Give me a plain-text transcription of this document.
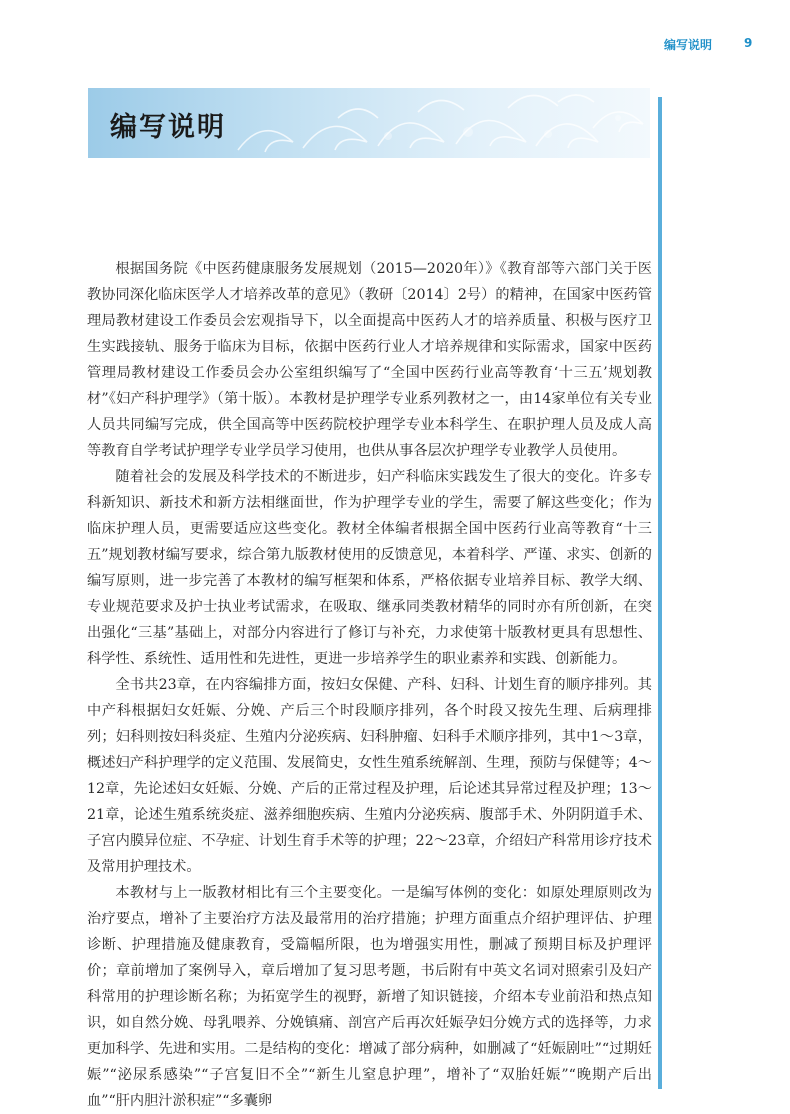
编写说明	9
编写说明

根据国务院《中医药健康服务发展规划（2015—2020年）》《教育部等六部门关于医教协同深化临床医学人才培养改革的意见》（教研〔2014〕2号）的精神，在国家中医药管理局教材建设工作委员会宏观指导下，以全面提高中医药人才的培养质量、积极与医疗卫生实践接轨、服务于临床为目标，依据中医药行业人才培养规律和实际需求，国家中医药管理局教材建设工作委员会办公室组织编写了“全国中医药行业高等教育‘十三五’规划教材”《妇产科护理学》（第十版）。本教材是护理学专业系列教材之一，由14家单位有关专业人员共同编写完成，供全国高等中医药院校护理学专业本科学生、在职护理人员及成人高等教育自学考试护理学专业学员学习使用，也供从事各层次护理学专业教学人员使用。

随着社会的发展及科学技术的不断进步，妇产科临床实践发生了很大的变化。许多专科新知识、新技术和新方法相继面世，作为护理学专业的学生，需要了解这些变化；作为临床护理人员，更需要适应这些变化。教材全体编者根据全国中医药行业高等教育“十三五”规划教材编写要求，综合第九版教材使用的反馈意见，本着科学、严谨、求实、创新的编写原则，进一步完善了本教材的编写框架和体系，严格依据专业培养目标、教学大纲、专业规范要求及护士执业考试需求，在吸取、继承同类教材精华的同时亦有所创新，在突出强化“三基”基础上，对部分内容进行了修订与补充，力求使第十版教材更具有思想性、科学性、系统性、适用性和先进性，更进一步培养学生的职业素养和实践、创新能力。

全书共23章，在内容编排方面，按妇女保健、产科、妇科、计划生育的顺序排列。其中产科根据妇女妊娠、分娩、产后三个时段顺序排列，各个时段又按先生理、后病理排列；妇科则按妇科炎症、生殖内分泌疾病、妇科肿瘤、妇科手术顺序排列，其中1～3章，概述妇产科护理学的定义范围、发展简史，女性生殖系统解剖、生理，预防与保健等；4～12章，先论述妇女妊娠、分娩、产后的正常过程及护理，后论述其异常过程及护理；13～21章，论述生殖系统炎症、滋养细胞疾病、生殖内分泌疾病、腹部手术、外阴阴道手术、子宫内膜异位症、不孕症、计划生育手术等的护理；22～23章，介绍妇产科常用诊疗技术及常用护理技术。

本教材与上一版教材相比有三个主要变化。一是编写体例的变化：如原处理原则改为治疗要点，增补了主要治疗方法及最常用的治疗措施；护理方面重点介绍护理评估、护理诊断、护理措施及健康教育，受篇幅所限，也为增强实用性，删减了预期目标及护理评价；章前增加了案例导入，章后增加了复习思考题，书后附有中英文名词对照索引及妇产科常用的护理诊断名称；为拓宽学生的视野，新增了知识链接，介绍本专业前沿和热点知识，如自然分娩、母乳喂养、分娩镇痛、剖宫产后再次妊娠孕妇分娩方式的选择等，力求更加科学、先进和实用。二是结构的变化：增减了部分病种，如删减了“妊娠剧吐”“过期妊娠”“泌尿系感染”“子宫复旧不全”“新生儿窒息护理”，增补了“双胎妊娠”“晚期产后出血”“肝内胆汁淤积症”“多囊卵
